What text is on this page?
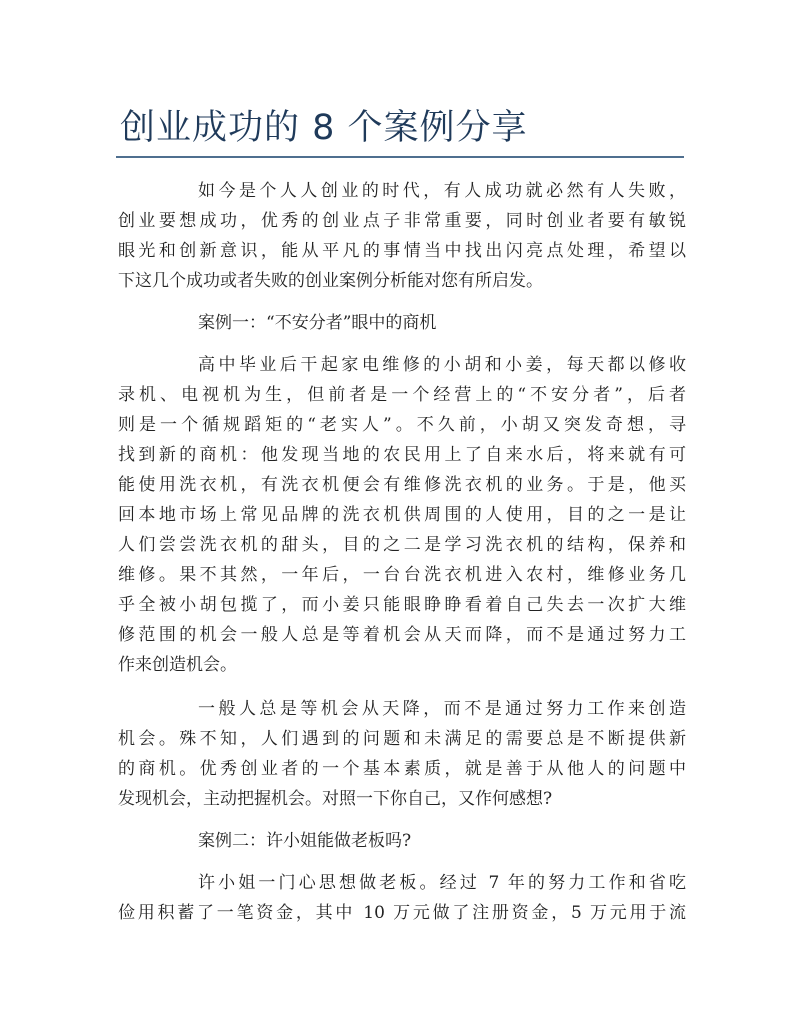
创业成功的 8 个案例分享
如今是个人人创业的时代，有人成功就必然有人失败，
创业要想成功，优秀的创业点子非常重要，同时创业者要有敏锐
眼光和创新意识，能从平凡的事情当中找出闪亮点处理，希望以
下这几个成功或者失败的创业案例分析能对您有所启发。
案例一：“不安分者”眼中的商机
高中毕业后干起家电维修的小胡和小姜，每天都以修收
录机、电视机为生，但前者是一个经营上的“不安分者”，后者
则是一个循规蹈矩的“老实人”。不久前，小胡又突发奇想，寻
找到新的商机：他发现当地的农民用上了自来水后，将来就有可
能使用洗衣机，有洗衣机便会有维修洗衣机的业务。于是，他买
回本地市场上常见品牌的洗衣机供周围的人使用，目的之一是让
人们尝尝洗衣机的甜头，目的之二是学习洗衣机的结构，保养和
维修。果不其然，一年后，一台台洗衣机进入农村，维修业务几
乎全被小胡包揽了，而小姜只能眼睁睁看着自己失去一次扩大维
修范围的机会一般人总是等着机会从天而降，而不是通过努力工
作来创造机会。
一般人总是等机会从天降，而不是通过努力工作来创造
机会。殊不知，人们遇到的问题和未满足的需要总是不断提供新
的商机。优秀创业者的一个基本素质，就是善于从他人的问题中
发现机会，主动把握机会。对照一下你自己，又作何感想?
案例二：许小姐能做老板吗?
许小姐一门心思想做老板。经过 7 年的努力工作和省吃
俭用积蓄了一笔资金，其中 10 万元做了注册资金，5 万元用于流
